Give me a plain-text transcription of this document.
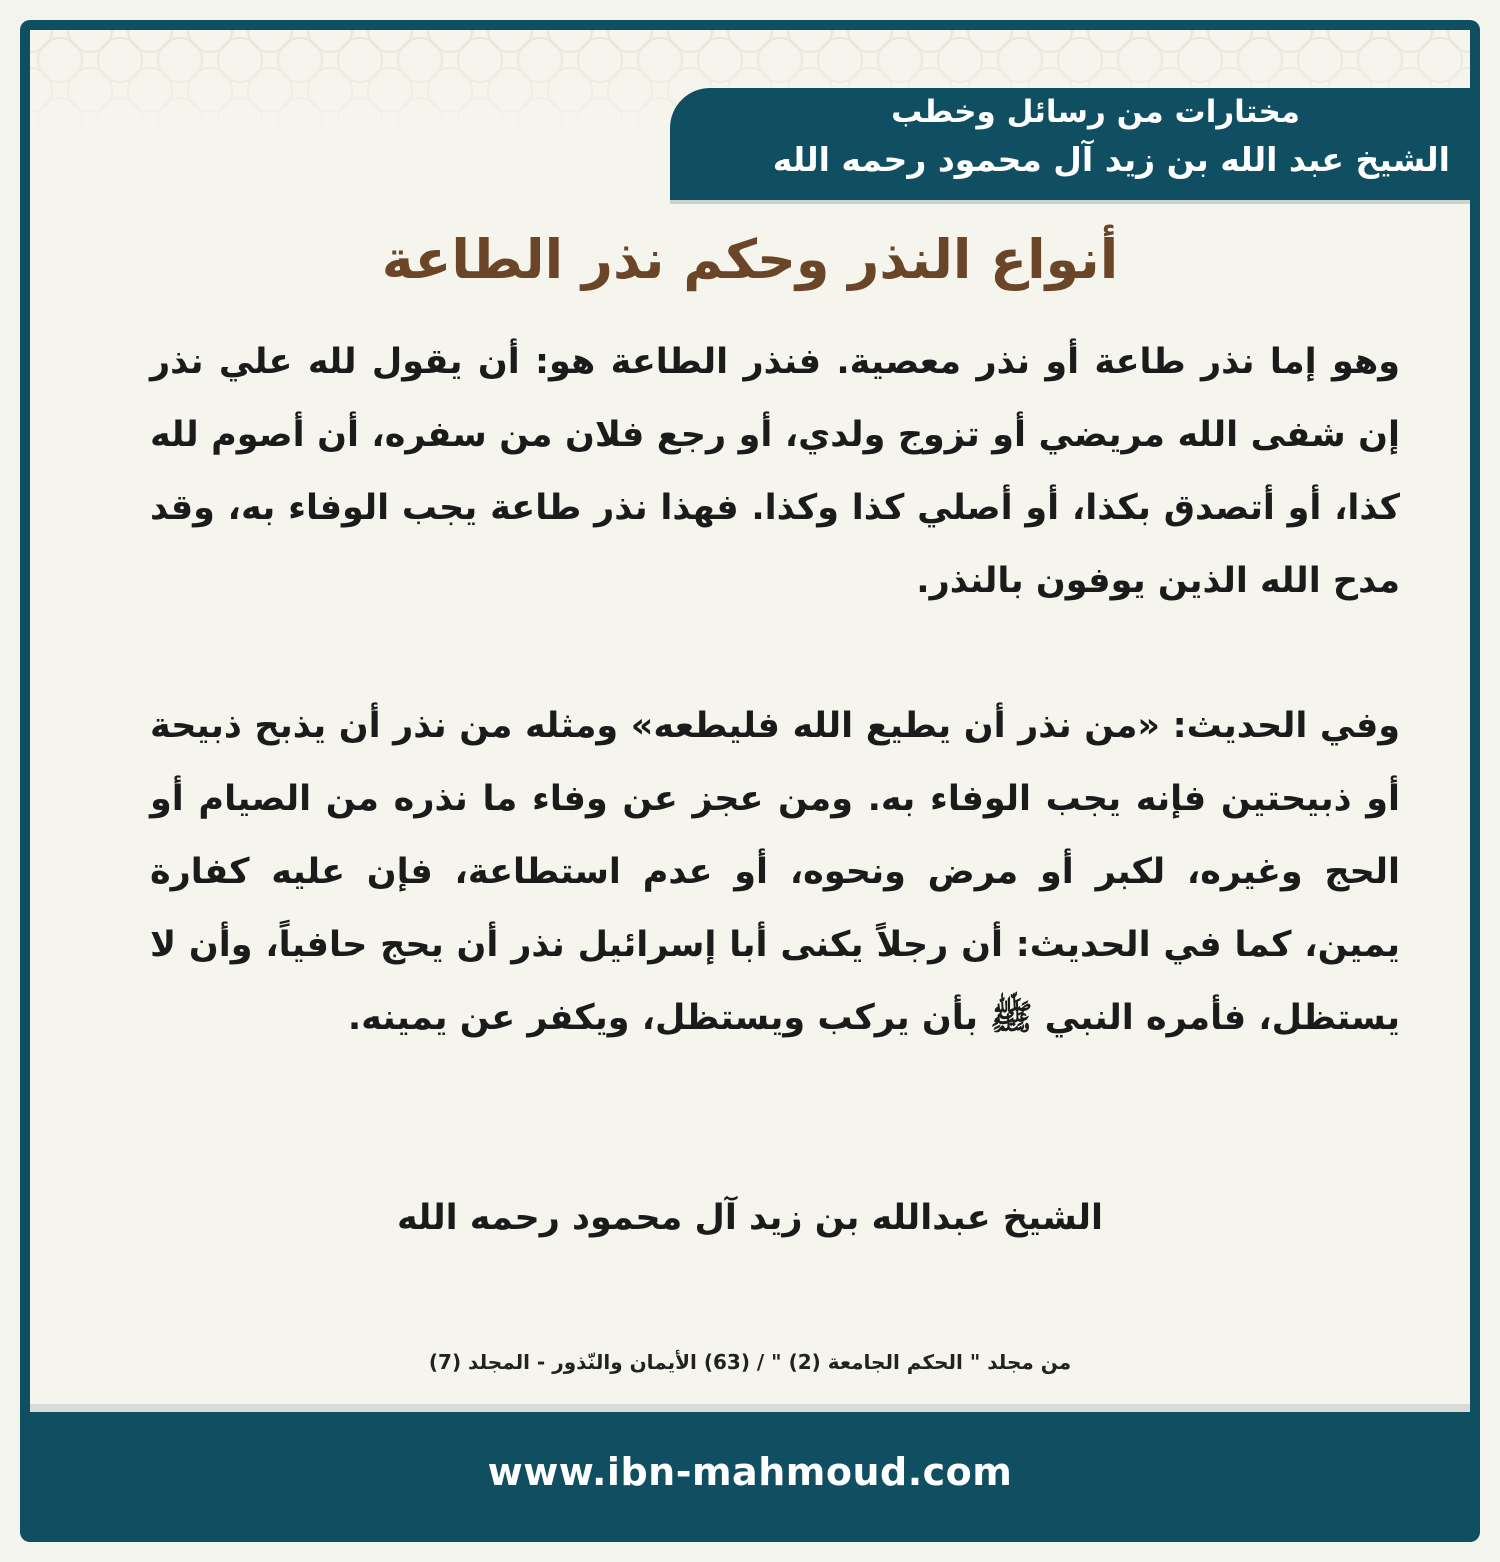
مختارات من رسائل وخطب
الشيخ عبد الله بن زيد آل محمود رحمه الله
أنواع النذر وحكم نذر الطاعة
وهو إما نذر طاعة أو نذر معصية. فنذر الطاعة هو: أن يقول لله علي نذر إن شفى الله مريضي أو تزوج ولدي، أو رجع فلان من سفره، أن أصوم لله كذا، أو أتصدق بكذا، أو أصلي كذا وكذا. فهذا نذر طاعة يجب الوفاء به، وقد مدح الله الذين يوفون بالنذر.
وفي الحديث: «من نذر أن يطيع الله فليطعه» ومثله من نذر أن يذبح ذبيحة أو ذبيحتين فإنه يجب الوفاء به. ومن عجز عن وفاء ما نذره من الصيام أو الحج وغيره، لكبر أو مرض ونحوه، أو عدم استطاعة، فإن عليه كفارة يمين، كما في الحديث: أن رجلاً يكنى أبا إسرائيل نذر أن يحج حافياً، وأن لا يستظل، فأمره النبي ﷺ بأن يركب ويستظل، ويكفر عن يمينه.
الشيخ عبدالله بن زيد آل محمود رحمه الله
من مجلد " الحكم الجامعة (2) " / (63) الأيمان والنّذور - المجلد (7)
www.ibn-mahmoud.com
